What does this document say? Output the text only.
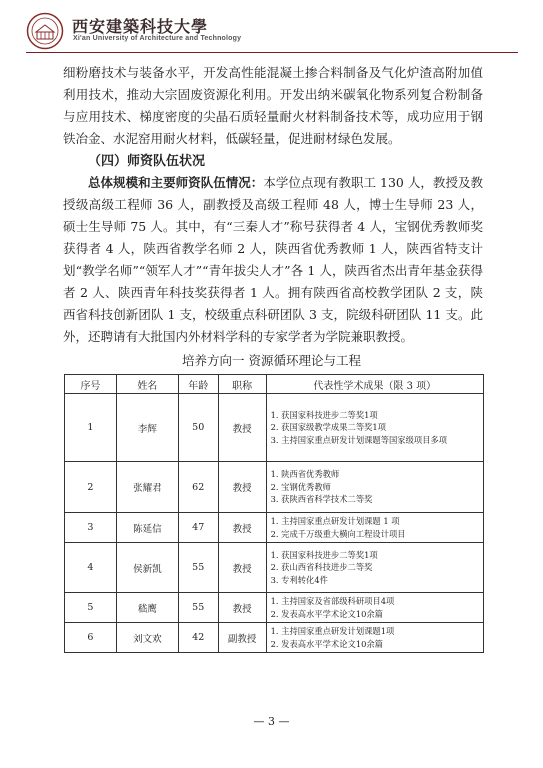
西安建築科技大學
Xi'an University of Architecture and Technology
细粉磨技术与装备水平，开发高性能混凝土掺合料制备及气化炉渣高附加值利用技术，推动大宗固废资源化利用。开发出纳米碳氧化物系列复合粉制备与应用技术、梯度密度的尖晶石质轻量耐火材料制备技术等，成功应用于钢铁冶金、水泥窑用耐火材料，低碳轻量，促进耐材绿色发展。
（四）师资队伍状况
总体规模和主要师资队伍情况：本学位点现有教职工 130 人，教授及教授级高级工程师 36 人，副教授及高级工程师 48 人，博士生导师 23 人，硕士生导师 75 人。其中，有“三秦人才”称号获得者 4 人，宝钢优秀教师奖获得者 4 人，陕西省教学名师 2 人，陕西省优秀教师 1 人，陕西省特支计划“教学名师”“领军人才”“青年拔尖人才”各 1 人，陕西省杰出青年基金获得者 2 人、陕西青年科技奖获得者 1 人。拥有陕西省高校教学团队 2 支，陕西省科技创新团队 1 支，校级重点科研团队 3 支，院级科研团队 11 支。此外，还聘请有大批国内外材料学科的专家学者为学院兼职教授。
培养方向一 资源循环理论与工程
序号	姓名	年龄	职称	代表性学术成果（限 3 项）
1	李辉	50	教授	1. 获国家科技进步二等奖1项
2. 获国家级教学成果二等奖1项
3. 主持国家重点研发计划课题等国家级项目多项

2	张耀君	62	教授	1. 陕西省优秀教师
2. 宝钢优秀教师
3. 获陕西省科学技术二等奖

3	陈延信	47	教授	1. 主持国家重点研发计划课题 1 项
2. 完成千万级重大横向工程设计项目

4	侯新凯	55	教授	1. 获国家科技进步二等奖1项
2. 获山西省科技进步二等奖
3. 专利转化4件

5	嵇鹰	55	教授	1. 主持国家及省部级科研项目4项
2. 发表高水平学术论文10余篇

6	刘文欢	42	副教授	1. 主持国家重点研发计划课题1项
2. 发表高水平学术论文10余篇
— 3 —
